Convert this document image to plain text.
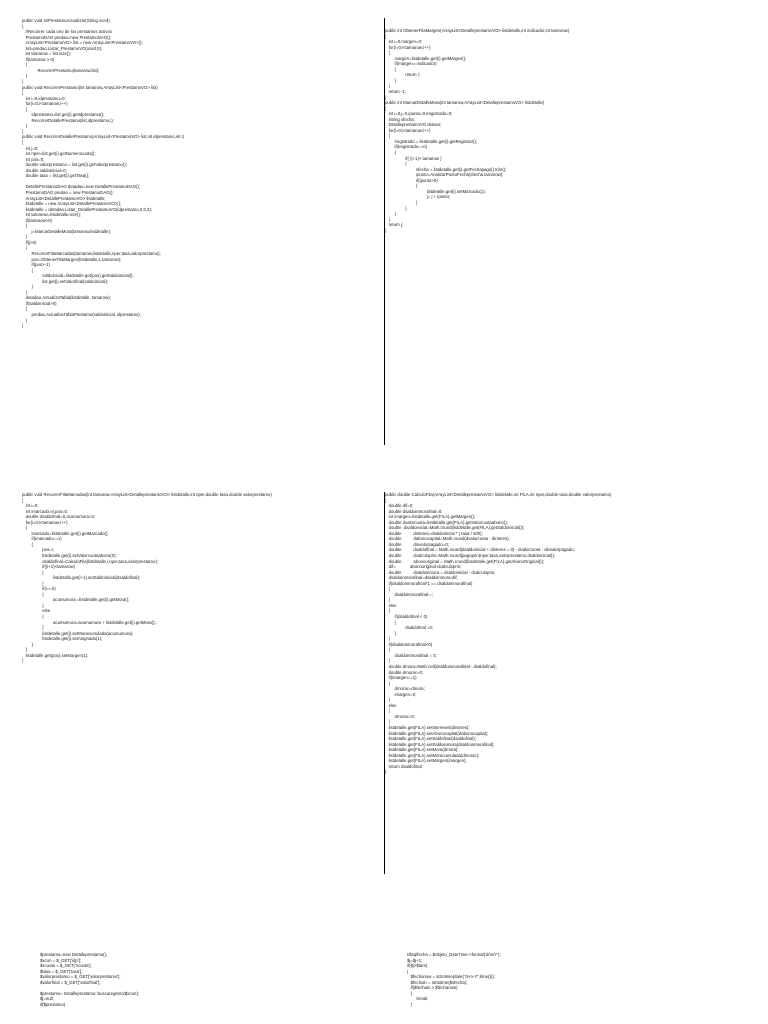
public void IniPrestamoActualizar(String xced)
{
//Recorrer cada uno de los prestamos activos
PrestamoDAO predao=new PrestamoDAO();
ArrayList<PrestamoVO> list = new ArrayList<PrestamoVO>();
list=predao.Listar_PrestamoVO(xced,0);
int tamarow = list.size();
if(tamarow > 0)
{
RecorrerPrestamo(tamarow,list);
}
}
public void RecorrerPrestamo(int tamarow,ArrayList<PrestamoVO> list)
{
int i=0,idprestamo=0;
for(i=0;i<tamarow;i++)
{
idprestamo=list.get(i).getIdprestamo();
RecorrerDetallePrestamo(list,idprestamo,i);
}
}
public void RecorrerDetallePrestamo(ArrayList<PrestamoVO> list,int idprestamo,int i)
{
int j=0;
int nper=list.get(i).getNumerocuota();
int pos=0;
double valorprestamo = list.get(i).getValorprestamo();
double saldoinicial=0;
double tasa = list.get(i).getTasa();

DetallePrestamoDAO detadao=new DetallePrestamoDAO();
PrestamoDAO predao = new PrestamoDAO();
ArrayList<DetallePrestamoVO> listdetalle;
listdetalle = new ArrayList<DetallePrestamoVO>();
listdetalle = detadao.Listar_DetallePrestamoVO(idprestamo,0,0,3);
int tamarow=listdetalle.size();
if(tamarow>0)
{
j=MarcarDetalleMora(tamarow,listdetalle);
}
if(j>0)
{
RecorrerFilaMarcadas(tamarow,listdetalle,nper,tasa,valorprestamo);
pos=ObtenerFilaMargen(listdetalle,1,tamarow);
if(pos>-1)
{
saldoinicial=listdetalle.get(pos).getSaldoinicial();
list.get(i).setValorfinal(saldoinicial);
}
}
detadao.ActualizaTabla(listdetalle, tamarow);
if(saldoinicial>0)
{
predao.ActualizaTablaPrestamo(saldoinicial, idprestamo);
}
}
public int ObtenerFilaMargen(ArrayList<DetalleprestamoVO> listdetalle,int indicador,int tamarow)
{
int i=0,margen=0;
for(i=0;i<tamarow;i++)
{
margen=listdetalle.get(i).getMargen();
if(margen==indicador)
{
return i;
}
}
return -1;
}
public int MarcarDetalleMora(int tamarow,ArrayList<DetalleprestamoVO> listdetalle)
{
int i=0,j=0,ipunto=0,iregistrado=0;
String sfecha;
DetalleprestamoVO detavo;
for(i=0;i<tamarow;i++)
{
iregistrado = listdetalle.get(i).getRegistrar();
if(iregistrado==0)
{
if( (i+1)< tamarow )
{
sfecha = listdetalle.get(i).getFechapago().trim();
ipunto=AnalizarPuntoFecha(sfecha,tamarow);
if(ipunto>0)
{
listdetalle.get(i).setMarcado(1);
j= j + ipunto;
}
}
}
}
return j;
}
public void RecorrerFilaMarcadas(int tamarow,ArrayList<DetalleprestamoVO> listdetalle,int nper,double tasa,double valorprestamo)
{
int i=0;
int imarcado=0,pos=0;
double dsaldofinal=0,acumumora=0;
for(i=0;i<tamarow;i++)
{
imarcado=listdetalle.get(i).getMarcado();
if(imarcado==1)
{
pos=i;
listdetalle.get(i).setValorcuotaabono(0);
dsaldofinal=CalculoFila(listdetalle,i,nper,tasa,valorprestamo);
if((i+1)<tamarow)
{
listdetalle.get(i+1).setSaldoinicial(dsaldofinal);
}
if(i==0)
{
acumumora =listdetalle.get(i).getMora();
}
else
{
acumumora=acumumora + listdetalle.get(i).getMora();;
}
listdetalle.get(i).setMoracumulada(acumumora);
listdetalle.get(i).setAsignado(1);
}
}
listdetalle.get(pos).setMargen(1);
}
public double CalculoFila(ArrayList<DetalleprestamoVO> listdetalle,int FILA,int nper,double tasa,double valorprestamo)
{
double dif=0;
double dsaldoinmorafinal=0;
int imargen=listdetalle.get(FILA).getMargen();
double dvalorcuota=listdetalle.get(FILA).getValorcuotaabono();
double  dsaldoinicial=Math.round(listdetalle.get(FILA).getSaldoinicial());
double          dinteres=dsaldoinicial * ( tasa / 100);
double          dabonocapital=Math.round(dvalorcuota - dinteres);
double          dinvalorpagado=0;
double          dsaldofinal = Math.round(dsaldoinicial + dinteres = 0) - dvalorcuota - dinvalorpagado;
double          dcalculoprin=Math.round(pagoprin(nper,tasa,valorprestamo,dsaldoinicial));
double          abonooriginal = Math.round(listdetalle.get(FILA).getAbonoOriginal());
dif=            abonooriginal-dcalculoprin;
double          dsaldoinmora = dsaldoinicial - dcalculoprin;
dsaldoinmorafinal=dsaldoinmora-dif;
if(dsaldoinmorafinal*1 == dsaldoinmorafinal)
{
dsaldoinmorafinal=-;
}
else
{
if(dsaldofinal < 0)
{
dsaldofinal =0;
}
}
if(dsaldoinmorafinal<0)
{
dsaldoinmorafinal = 0;
}
double dmora=Math.ceil(dsaldoinmorafinal - dsaldofinal);
double dmorac=0;
if(imargen==1)
{
dmorac=dmora;
imargen=0;
}
else
{
dmorac=0;
}
listdetalle.get(FILA).setIntereses(dinteres);
listdetalle.get(FILA).setAbonocapital(dabonocapital);
listdetalle.get(FILA).setSaldofinal(dsaldofinal);
listdetalle.get(FILA).setSaldoinmora(dsaldoinmorafinal);
listdetalle.get(FILA).setMora(dmora);
listdetalle.get(FILA).setMoracumulada(dmorac);
listdetalle.get(FILA).setMargen(imargen);
return dsaldofinal;
}
$prestamo=new Detalleprestamo();
$xcon = $_GET['idp'];
$xcuota = $_GET['ncuota'];
$tasa = $_GET['tasa'];
$valorprestamo = $_GET['valorprestamo'];
$valorfinal = $_GET['valorfinal'];

$prestamo= Detalleprestamo::buscaregistro($xcon);
$j=null;
if($prestamo)
//$sqlfecha = $objeto_DateTime->format('d/m/Y');
$j=$j+1;
if($j>$tam)
{
$fechanow = strtotime(date("d-m-Y",time()));
$fechain = strtotime($sfecha);
if($fechain > $fechanow)
{
break;
}
